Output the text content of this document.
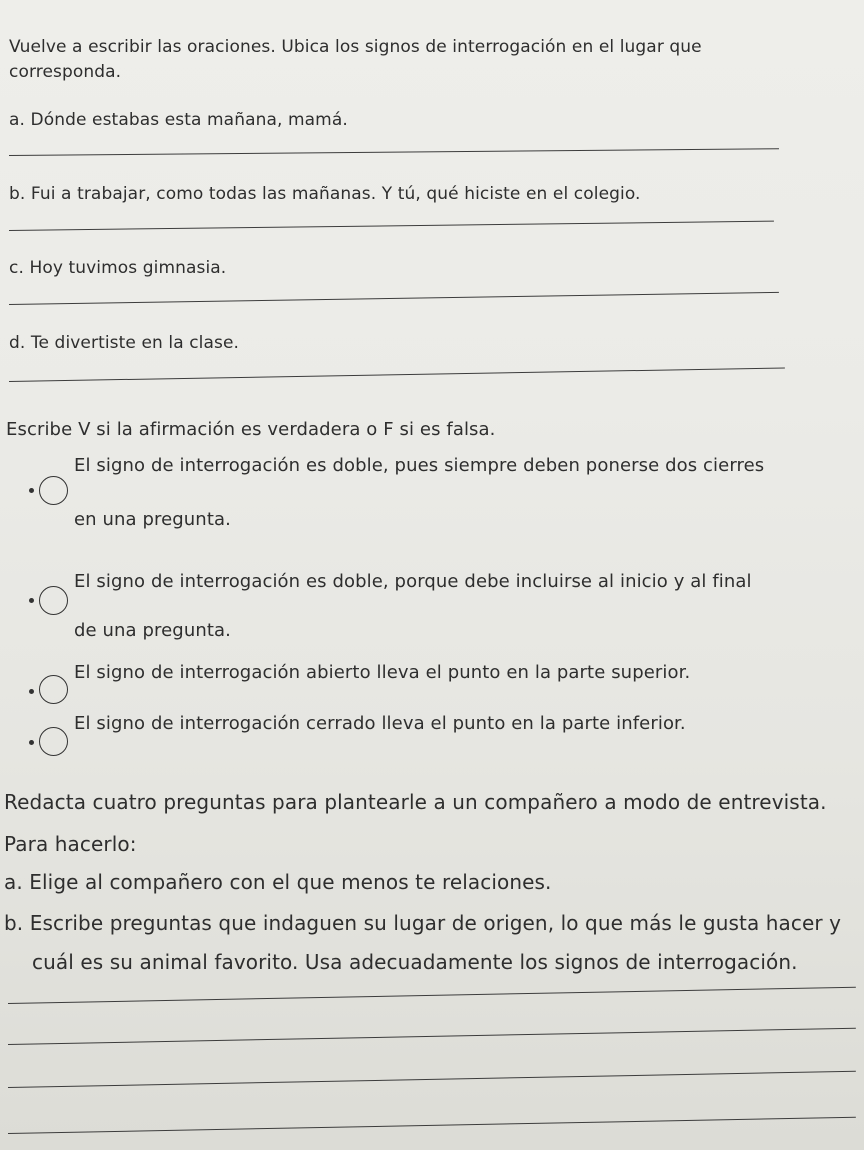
Vuelve a escribir las oraciones. Ubica los signos de interrogación en el lugar que
corresponda.
a. Dónde estabas esta mañana, mamá.
b. Fui a trabajar, como todas las mañanas. Y tú, qué hiciste en el colegio.
c. Hoy tuvimos gimnasia.
d. Te divertiste en la clase.
Escribe V si la afirmación es verdadera o F si es falsa.
El signo de interrogación es doble, pues siempre deben ponerse dos cierres
en una pregunta.
El signo de interrogación es doble, porque debe incluirse al inicio y al final
de una pregunta.
El signo de interrogación abierto lleva el punto en la parte superior.
El signo de interrogación cerrado lleva el punto en la parte inferior.
Redacta cuatro preguntas para plantearle a un compañero a modo de entrevista.
Para hacerlo:
a. Elige al compañero con el que menos te relaciones.
b. Escribe preguntas que indaguen su lugar de origen, lo que más le gusta hacer y
cuál es su animal favorito. Usa adecuadamente los signos de interrogación.
